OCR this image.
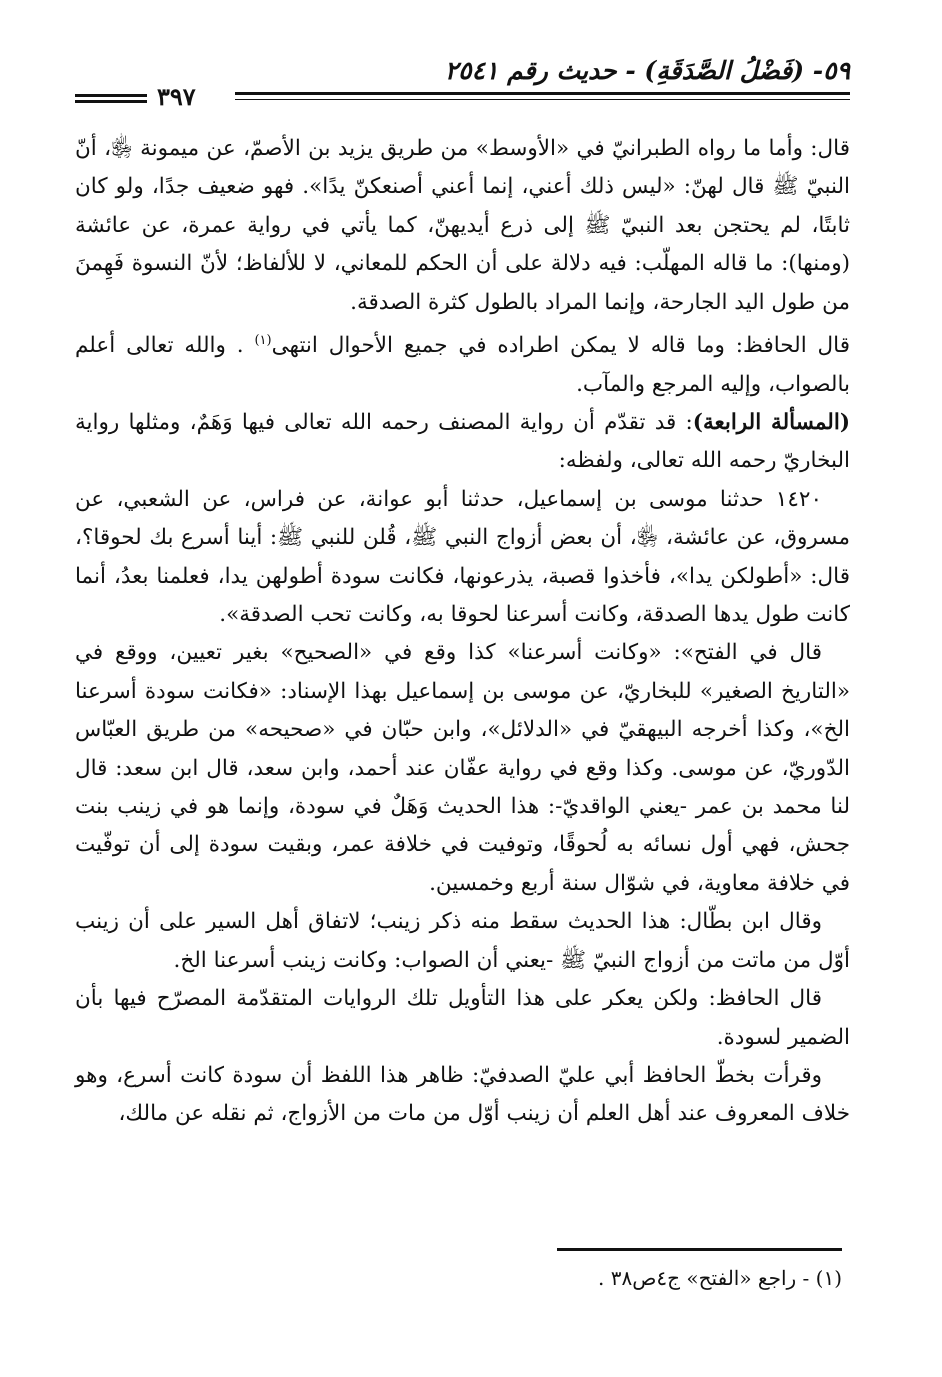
٥٩- (فَضْلُ الصَّدَقَةِ) - حديث رقم ٢٥٤١
٣٩٧

قال: وأما ما رواه الطبرانيّ في «الأوسط» من طريق يزيد بن الأصمّ، عن ميمونة ﵂، أنّ النبيّ ﷺ قال لهنّ: «ليس ذلك أعني، إنما أعني أصنعكنّ يدًا». فهو ضعيف جدًا، ولو كان ثابتًا، لم يحتجن بعد النبيّ ﷺ إلى ذرع أيديهنّ، كما يأتي في رواية عمرة، عن عائشة (ومنها): ما قاله المهلّب: فيه دلالة على أن الحكم للمعاني، لا للألفاظ؛ لأنّ النسوة فَهِمنَ من طول اليد الجارحة، وإنما المراد بالطول كثرة الصدقة.

قال الحافظ: وما قاله لا يمكن اطراده في جميع الأحوال انتهى$^{(١)}$ . والله تعالى أعلم بالصواب، وإليه المرجع والمآب.

(المسألة الرابعة): قد تقدّم أن رواية المصنف رحمه الله تعالى فيها وَهَمٌ، ومثلها رواية البخاريّ رحمه الله تعالى، ولفظه:

١٤٢٠ حدثنا موسى بن إسماعيل، حدثنا أبو عوانة، عن فراس، عن الشعبي، عن مسروق، عن عائشة، ﵂، أن بعض أزواج النبي ﷺ، قُلن للنبي ﷺ: أينا أسرع بك لحوقا؟، قال: «أطولكن يدا»، فأخذوا قصبة، يذرعونها، فكانت سودة أطولهن يدا، فعلمنا بعدُ، أنما كانت طول يدها الصدقة، وكانت أسرعنا لحوقا به، وكانت تحب الصدقة».

قال في الفتح»: «وكانت أسرعنا» كذا وقع في «الصحيح» بغير تعيين، ووقع في «التاريخ الصغير» للبخاريّ، عن موسى بن إسماعيل بهذا الإسناد: «فكانت سودة أسرعنا الخ»، وكذا أخرجه البيهقيّ في «الدلائل»، وابن حبّان في «صحيحه» من طريق العبّاس الدّوريّ، عن موسى. وكذا وقع في رواية عفّان عند أحمد، وابن سعد، قال ابن سعد: قال لنا محمد بن عمر -يعني الواقديّ-: هذا الحديث وَهَلٌ في سودة، وإنما هو في زينب بنت جحش، فهي أول نسائه به لُحوقًا، وتوفيت في خلافة عمر، وبقيت سودة إلى أن توفّيت في خلافة معاوية، في شوّال سنة أربع وخمسين.

وقال ابن بطّال: هذا الحديث سقط منه ذكر زينب؛ لاتفاق أهل السير على أن زينب أوّل من ماتت من أزواج النبيّ ﷺ -يعني أن الصواب: وكانت زينب أسرعنا الخ.

قال الحافظ: ولكن يعكر على هذا التأويل تلك الروايات المتقدّمة المصرّح فيها بأن الضمير لسودة.

وقرأت بخطّ الحافظ أبي عليّ الصدفيّ: ظاهر هذا اللفظ أن سودة كانت أسرع، وهو خلاف المعروف عند أهل العلم أن زينب أوّل من مات من الأزواج، ثم نقله عن مالك،

(١) - راجع «الفتح» ج٤ص٣٨ .
